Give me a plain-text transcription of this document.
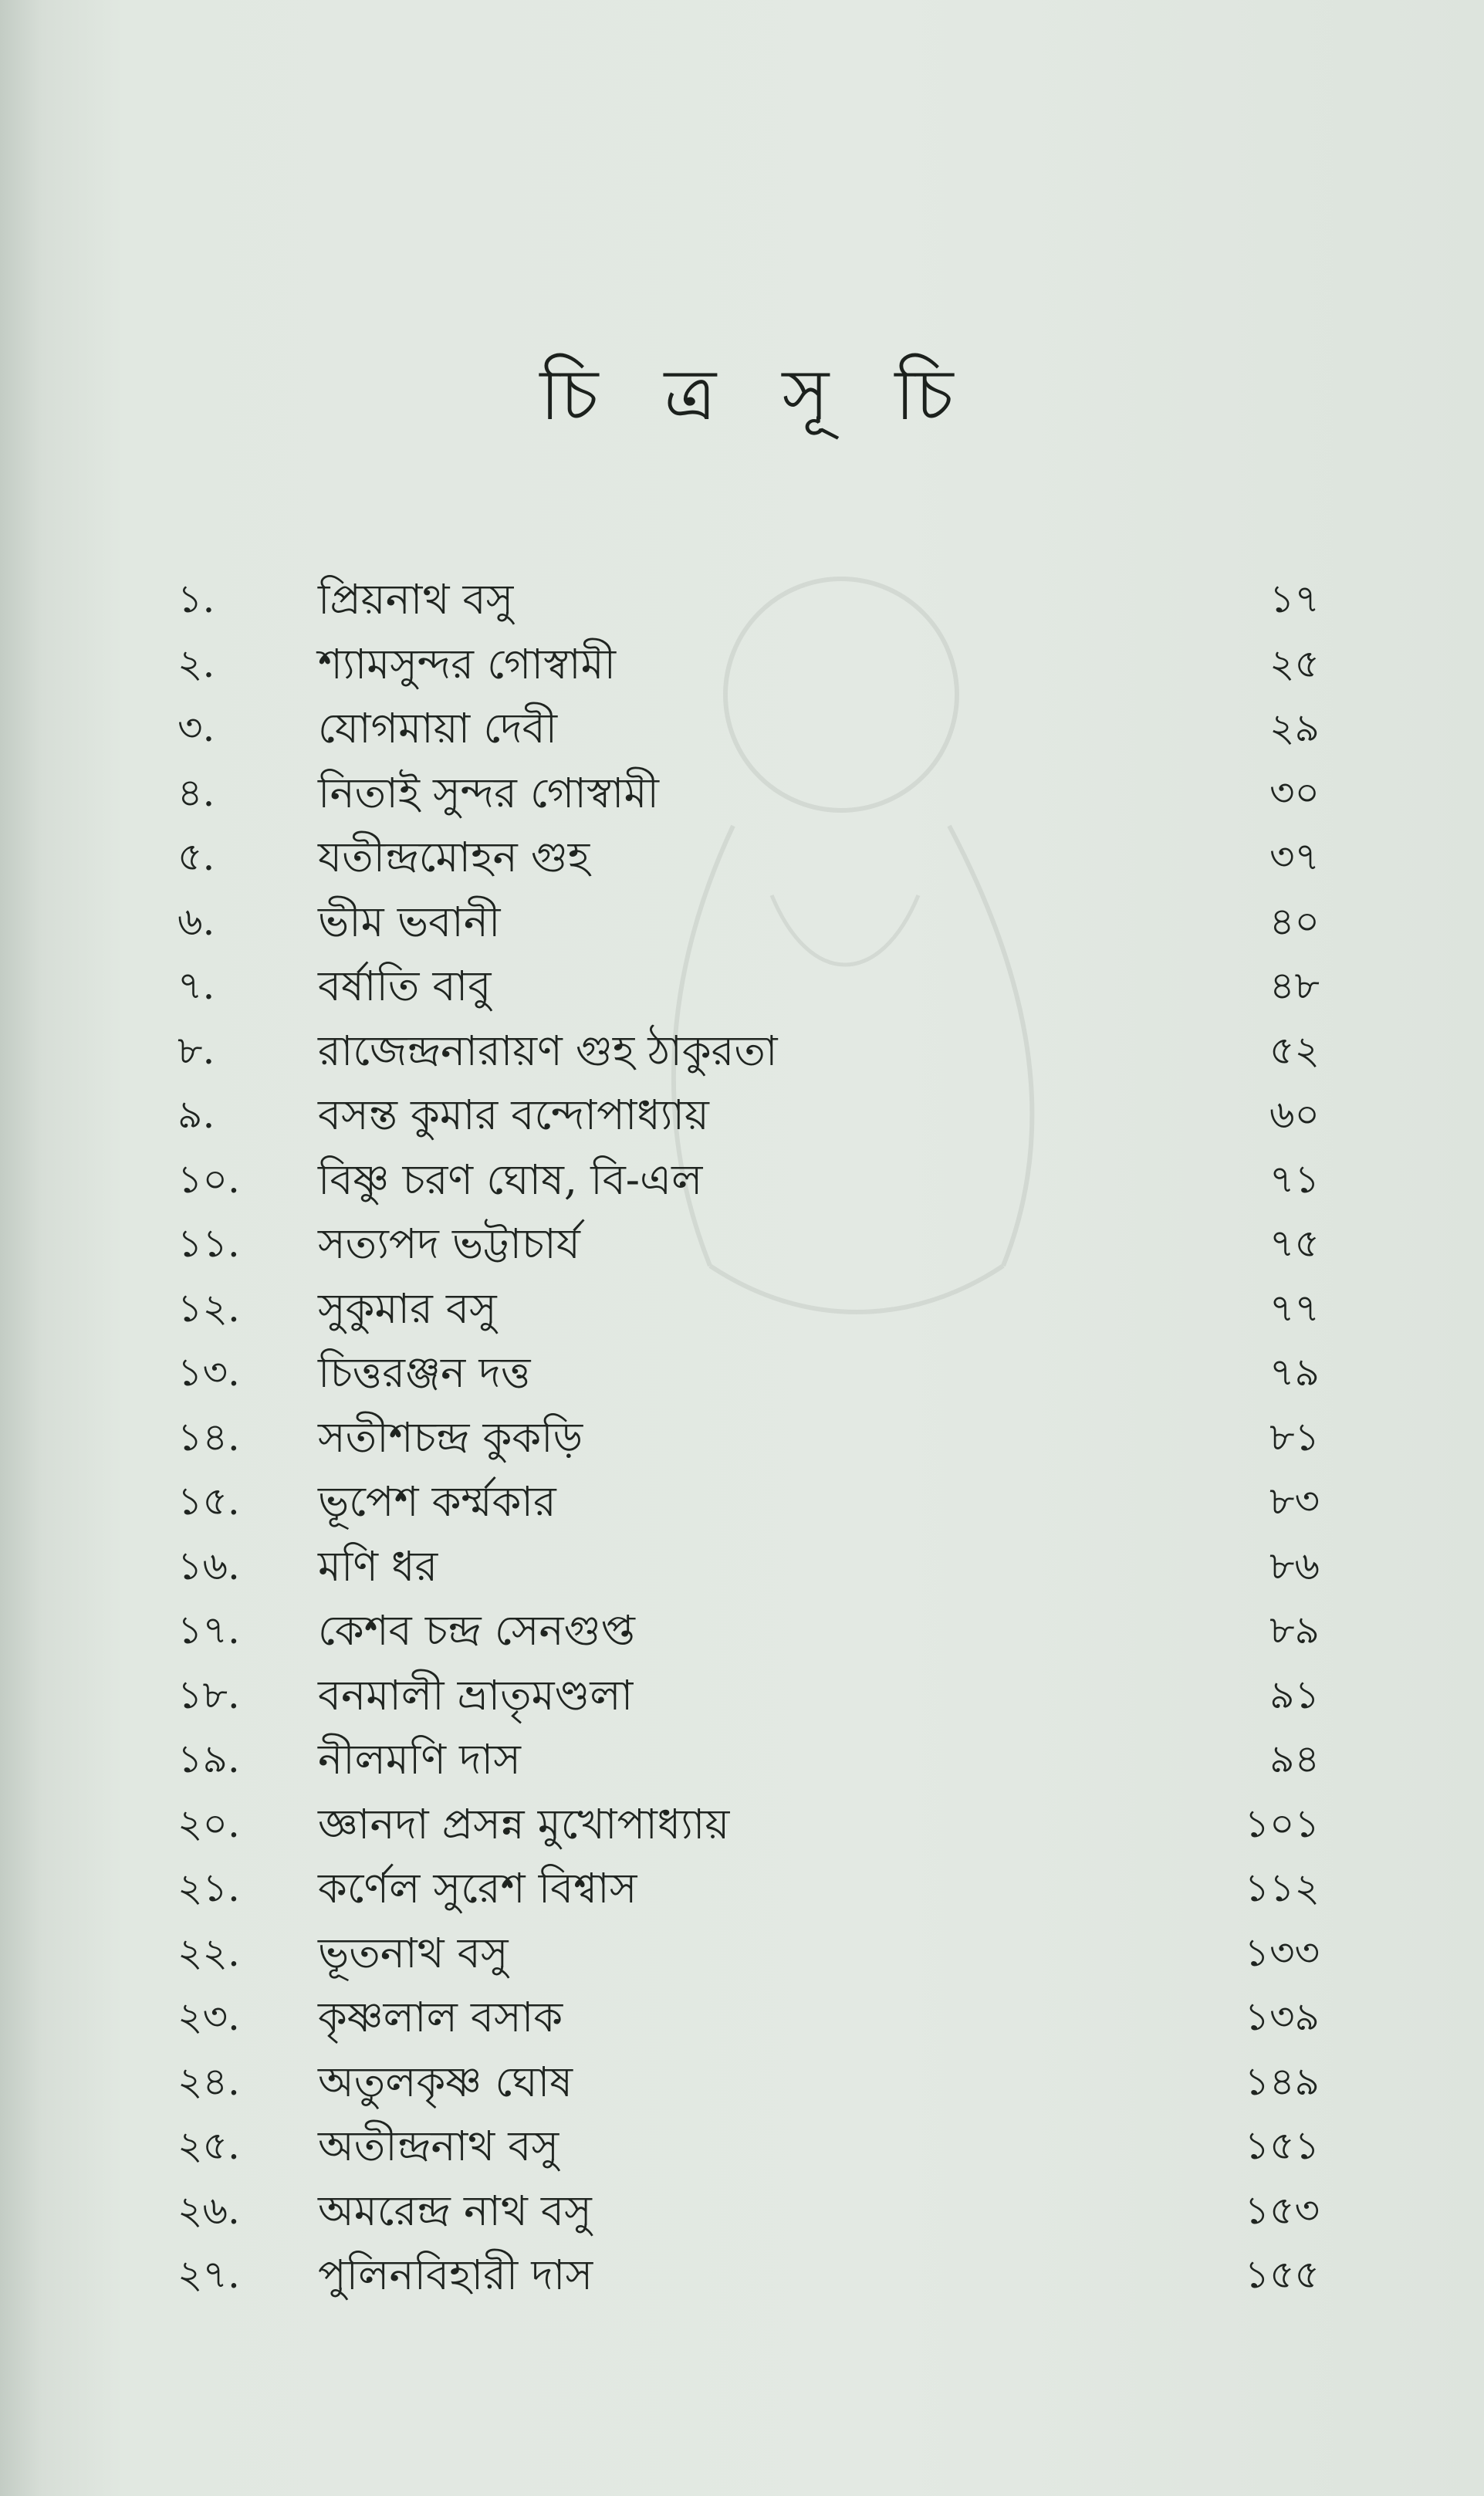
চি ত্র সূ চি
১. প্রিয়নাথ বসু	১৭
২. শ্যামসুন্দর গোস্বামী	২৫
৩. যোগমায়া দেবী	২৯
৪. নিতাই সুন্দর গোস্বামী	৩০
৫. যতীন্দ্রমোহন গুহ	৩৭
৬. ভীম ভবানী	৪০
৭. বর্ষাতি বাবু	৪৮
৮. রাজেন্দ্রনারায়ণ গুহ ঠাকুরতা	৫২
৯. বসন্ত কুমার বন্দোপাধ্যায়	৬০
১০. বিষ্ণু চরণ ঘোষ, বি-এল	৭১
১১. সত্যপদ ভট্টাচার্য	৭৫
১২. সুকুমার বসু	৭৭
১৩. চিত্তরঞ্জন দত্ত	৭৯
১৪. সতীশচন্দ্র কুকড়ি	৮১
১৫. ভূপেশ কর্ম্মকার	৮৩
১৬. মণি ধর	৮৬
১৭. কেশব চন্দ্র সেনগুপ্ত	৮৯
১৮. বনমালী ভ্রাতৃমণ্ডলা	৯১
১৯. নীলমণি দাস	৯৪
২০. জ্ঞানদা প্রসন্ন মুখোপাধ্যায়	১০১
২১. কর্ণেল সুরেশ বিশ্বাস	১১২
২২. ভূতনাথ বসু	১৩৩
২৩. কৃষ্ণলাল বসাক	১৩৯
২৪. অতুলকৃষ্ণ ঘোষ	১৪৯
২৫. অতীন্দ্রনাথ বসু	১৫১
২৬. অমরেন্দ্র নাথ বসু	১৫৩
২৭. পুলিনবিহারী দাস	১৫৫
